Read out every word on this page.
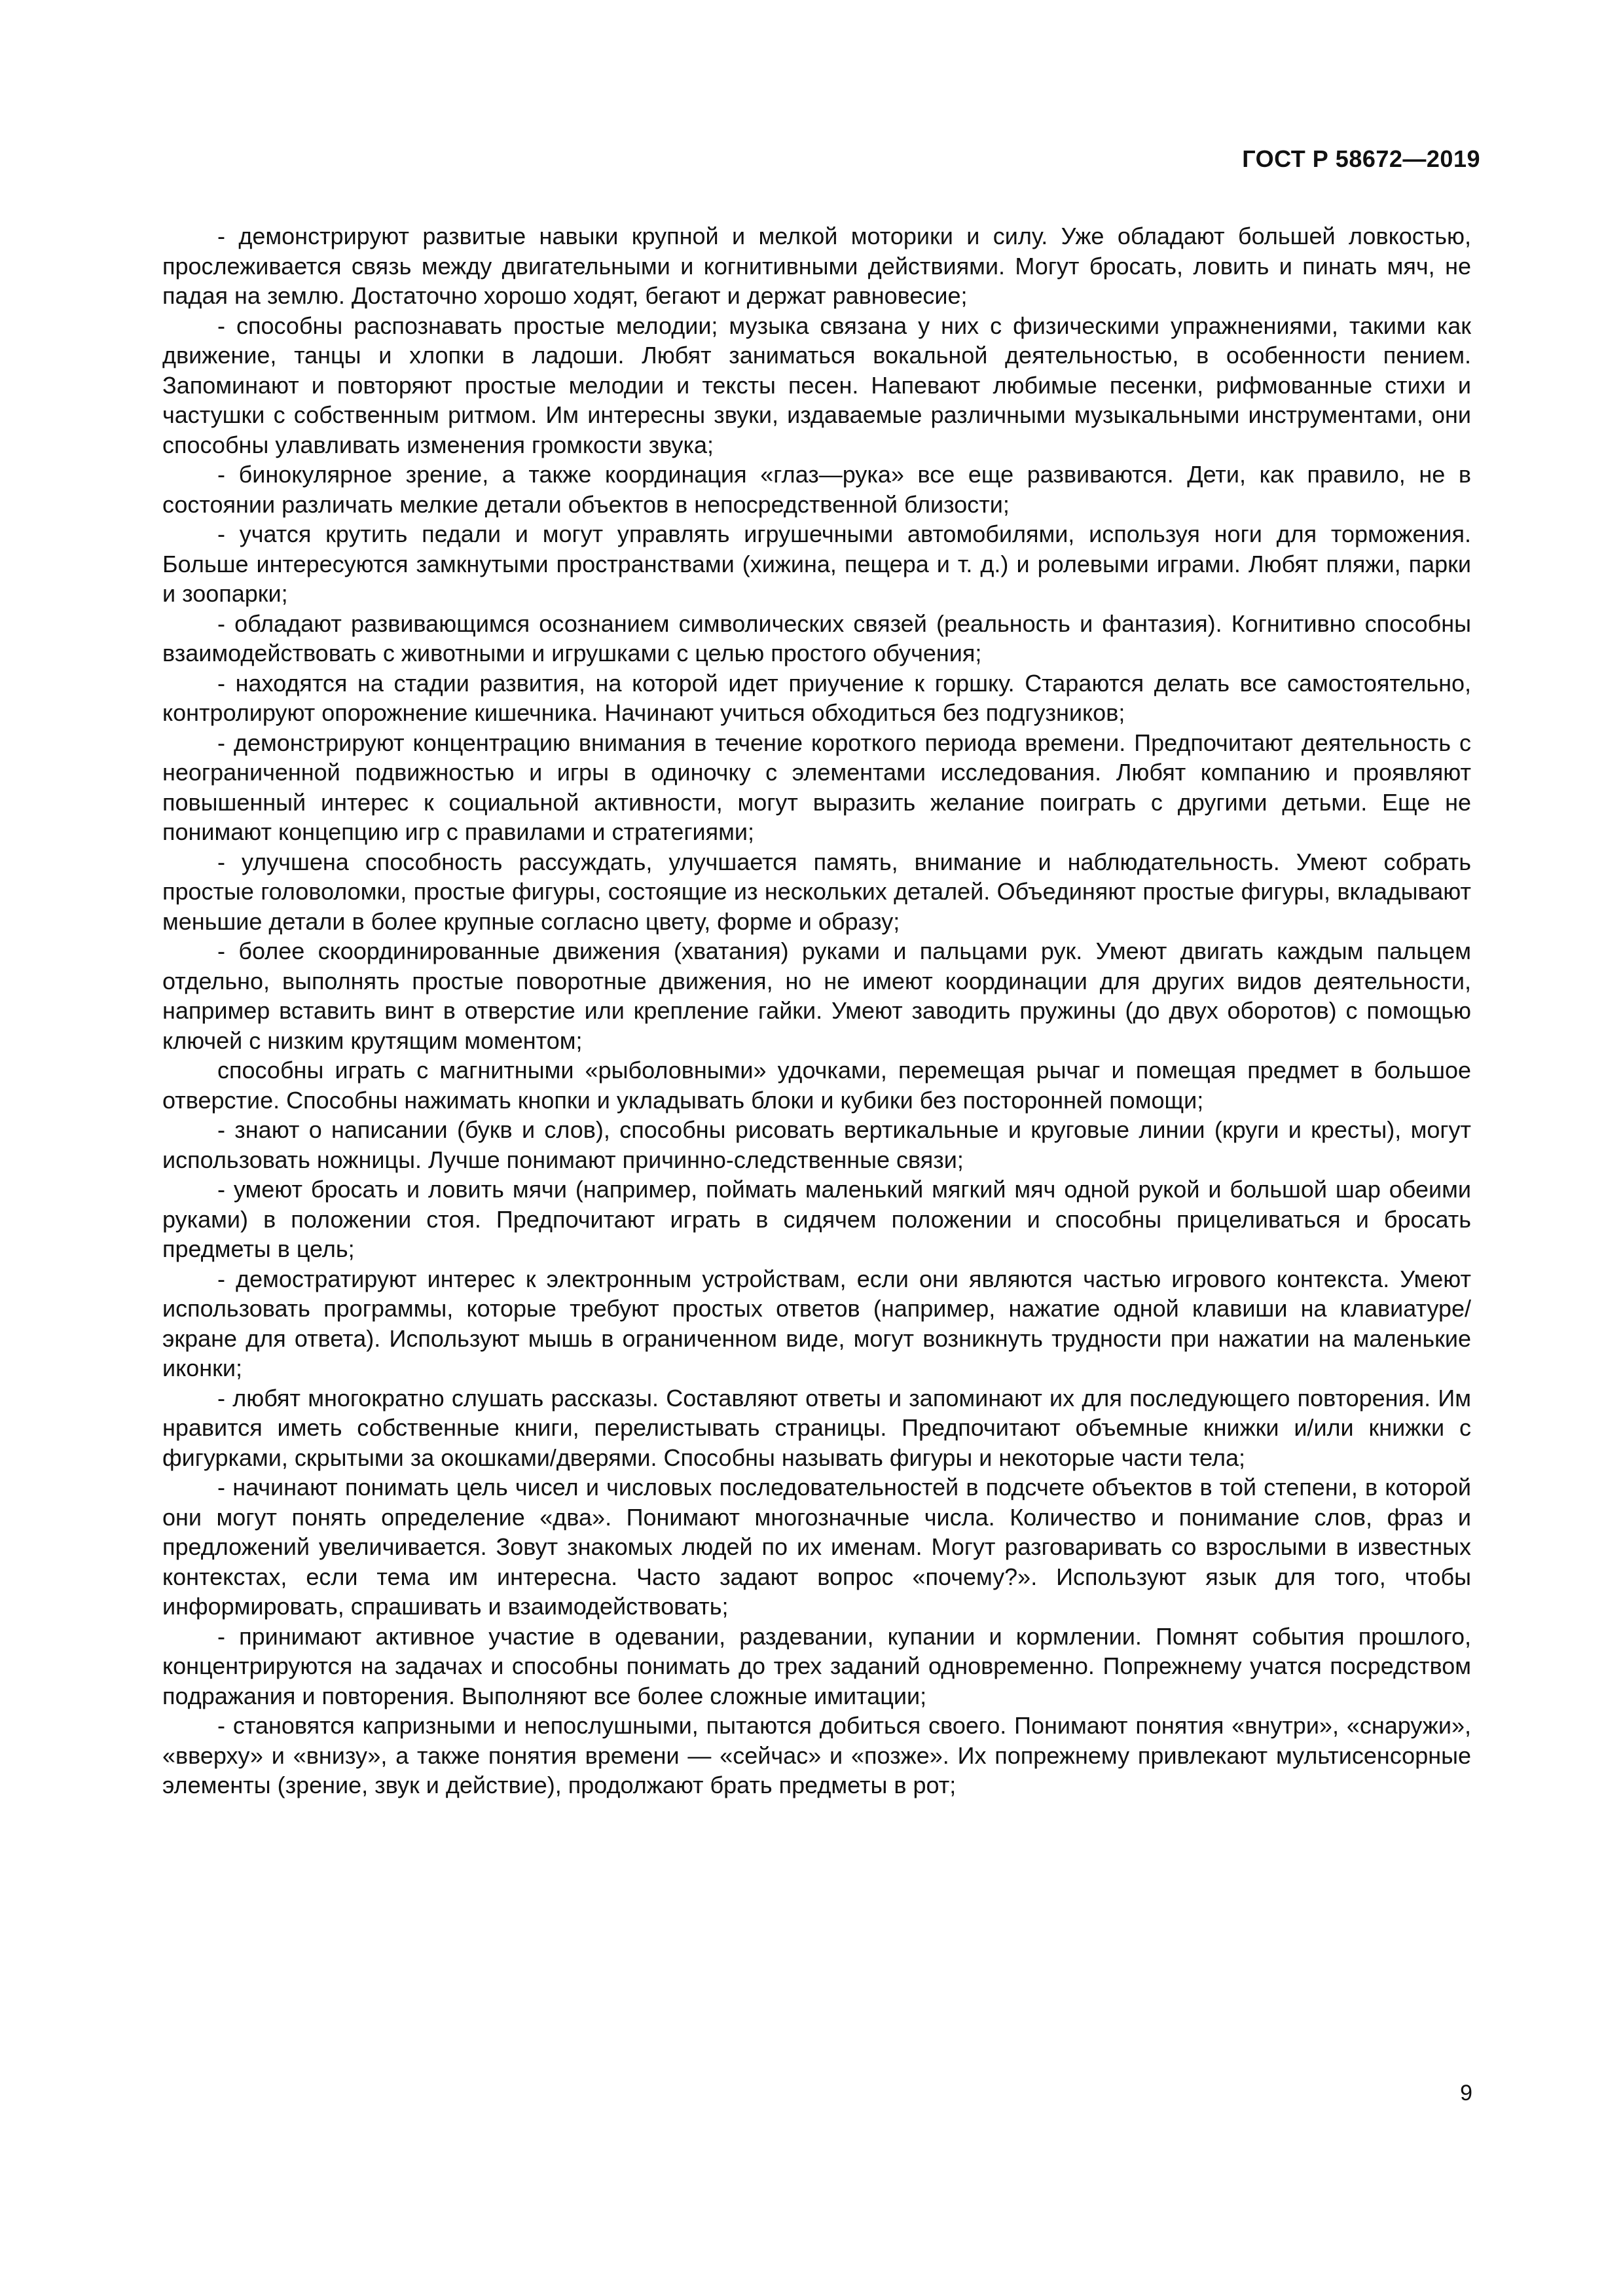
ГОСТ Р 58672—2019

- демонстрируют развитые навыки крупной и мелкой моторики и силу. Уже обладают большей ловкостью, прослеживается связь между двигательными и когнитивными действиями. Могут бросать, ловить и пинать мяч, не падая на землю. Достаточно хорошо ходят, бегают и держат равновесие;

- способны распознавать простые мелодии; музыка связана у них с физическими упражнениями, такими как движение, танцы и хлопки в ладоши. Любят заниматься вокальной деятельностью, в особенности пением. Запоминают и повторяют простые мелодии и тексты песен. Напевают любимые песенки, рифмованные стихи и частушки с собственным ритмом. Им интересны звуки, издаваемые различными музыкальными инструментами, они способны улавливать изменения громкости звука;

- бинокулярное зрение, а также координация «глаз—рука» все еще развиваются. Дети, как правило, не в состоянии различать мелкие детали объектов в непосредственной близости;

- учатся крутить педали и могут управлять игрушечными автомобилями, используя ноги для торможения. Больше интересуются замкнутыми пространствами (хижина, пещера и т. д.) и ролевыми играми. Любят пляжи, парки и зоопарки;

- обладают развивающимся осознанием символических связей (реальность и фантазия). Когнитивно способны взаимодействовать с животными и игрушками с целью простого обучения;

- находятся на стадии развития, на которой идет приучение к горшку. Стараются делать все самостоятельно, контролируют опорожнение кишечника. Начинают учиться обходиться без подгузников;

- демонстрируют концентрацию внимания в течение короткого периода времени. Предпочитают деятельность с неограниченной подвижностью и игры в одиночку с элементами исследования. Любят компанию и проявляют повышенный интерес к социальной активности, могут выразить желание поиграть с другими детьми. Еще не понимают концепцию игр с правилами и стратегиями;

- улучшена способность рассуждать, улучшается память, внимание и наблюдательность. Умеют собрать простые головоломки, простые фигуры, состоящие из нескольких деталей. Объединяют простые фигуры, вкладывают меньшие детали в более крупные согласно цвету, форме и образу;

- более скоординированные движения (хватания) руками и пальцами рук. Умеют двигать каждым пальцем отдельно, выполнять простые поворотные движения, но не имеют координации для других видов деятельности, например вставить винт в отверстие или крепление гайки. Умеют заводить пружины (до двух оборотов) с помощью ключей с низким крутящим моментом;

способны играть с магнитными «рыболовными» удочками, перемещая рычаг и помещая предмет в большое отверстие. Способны нажимать кнопки и укладывать блоки и кубики без посторонней помощи;

- знают о написании (букв и слов), способны рисовать вертикальные и круговые линии (круги и кресты), могут использовать ножницы. Лучше понимают причинно-следственные связи;

- умеют бросать и ловить мячи (например, поймать маленький мягкий мяч одной рукой и большой шар обеими руками) в положении стоя. Предпочитают играть в сидячем положении и способны прицеливаться и бросать предметы в цель;

- демостратируют интерес к электронным устройствам, если они являются частью игрового контекста. Умеют использовать программы, которые требуют простых ответов (например, нажатие одной клавиши на клавиатуре/экране для ответа). Используют мышь в ограниченном виде, могут возникнуть трудности при нажатии на маленькие иконки;

- любят многократно слушать рассказы. Составляют ответы и запоминают их для последующего повторения. Им нравится иметь собственные книги, перелистывать страницы. Предпочитают объемные книжки и/или книжки с фигурками, скрытыми за окошками/дверями. Способны называть фигуры и некоторые части тела;

- начинают понимать цель чисел и числовых последовательностей в подсчете объектов в той степени, в которой они могут понять определение «два». Понимают многозначные числа. Количество и понимание слов, фраз и предложений увеличивается. Зовут знакомых людей по их именам. Могут разговаривать со взрослыми в известных контекстах, если тема им интересна. Часто задают вопрос «почему?». Используют язык для того, чтобы информировать, спрашивать и взаимодействовать;

- принимают активное участие в одевании, раздевании, купании и кормлении. Помнят события прошлого, концентрируются на задачах и способны понимать до трех заданий одновременно. Попрежнему учатся посредством подражания и повторения. Выполняют все более сложные имитации;

- становятся капризными и непослушными, пытаются добиться своего. Понимают понятия «внутри», «снаружи», «вверху» и «внизу», а также понятия времени — «сейчас» и «позже». Их попрежнему привлекают мультисенсорные элементы (зрение, звук и действие), продолжают брать предметы в рот;

9
